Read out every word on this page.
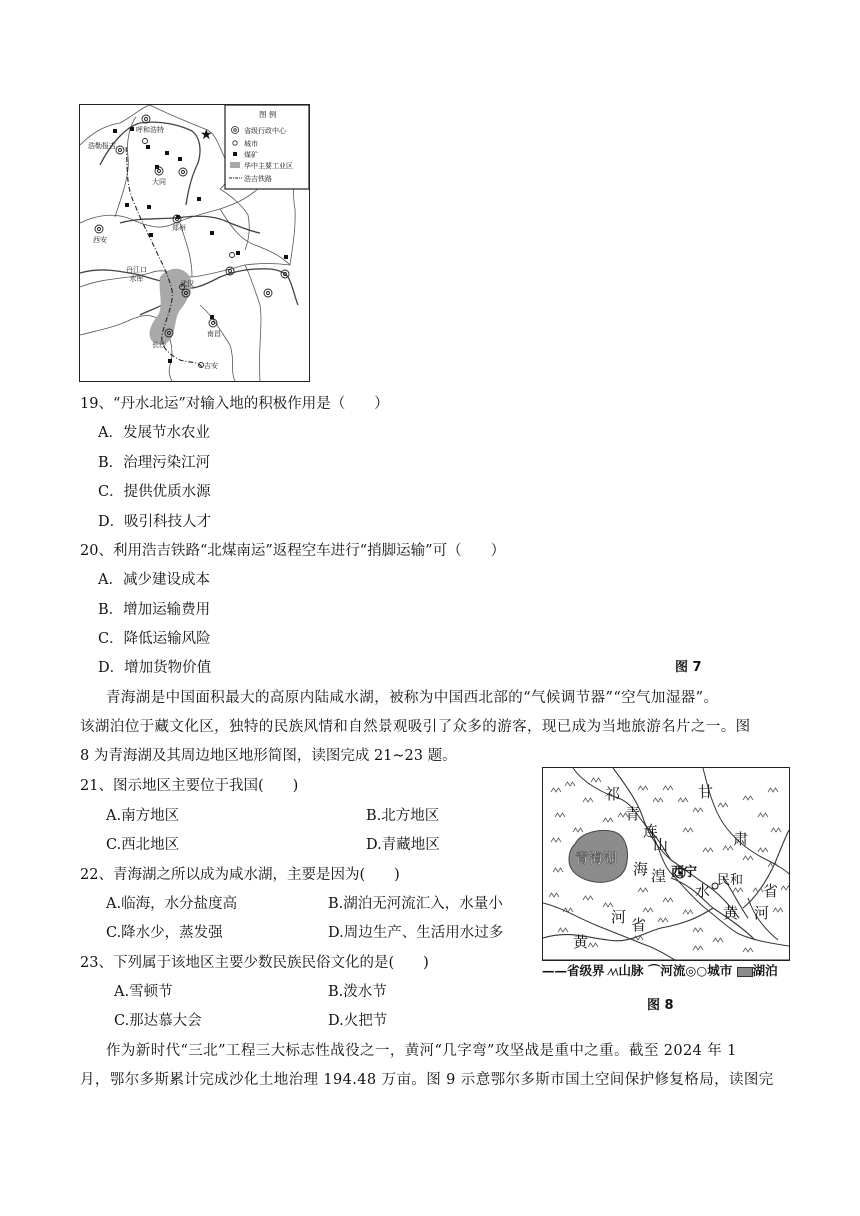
★
图 例
省级行政中心
城市
煤矿
华中主要工业区
浩吉铁路
呼和浩特
浩勒报吉
大同
西安
郑州
丹江口
水库
武汉
南昌
长沙
吉安
19、“丹水北运”对输入地的积极作用是（　　）
A．发展节水农业
B．治理污染江河
C．提供优质水源
D．吸引科技人才
20、利用浩吉铁路“北煤南运”返程空车进行“捎脚运输”可（　　）
A．减少建设成本
B．增加运输费用
C．降低运输风险
D．增加货物价值	图 7
青海湖是中国面积最大的高原内陆咸水湖，被称为中国西北部的“气候调节器”“空气加湿器”。
该湖泊位于藏文化区，独特的民族风情和自然景观吸引了众多的游客，现已成为当地旅游名片之一。图
8 为青海湖及其周边地区地形简图，读图完成 21~23 题。
青海湖
青
甘
祁
连	肃
山
海 湟 西宁
民和
水	省
河 省
黄 河
黄
——省级界 ⁄\⁄\山脉 ⌒河流◎○城市 湖泊
图 8
21、图示地区主要位于我国(　　)
A.南方地区	B.北方地区
C.西北地区	D.青藏地区
22、青海湖之所以成为咸水湖，主要是因为(　　)
A.临海，水分盐度高	B.湖泊无河流汇入，水量小
C.降水少，蒸发强	D.周边生产、生活用水过多
23、下列属于该地区主要少数民族民俗文化的是(　　)
A.雪顿节	B.泼水节
C.那达慕大会	D.火把节
作为新时代“三北”工程三大标志性战役之一，黄河“几字弯”攻坚战是重中之重。截至 2024 年 1
月，鄂尔多斯累计完成沙化土地治理 194.48 万亩。图 9 示意鄂尔多斯市国土空间保护修复格局，读图完
